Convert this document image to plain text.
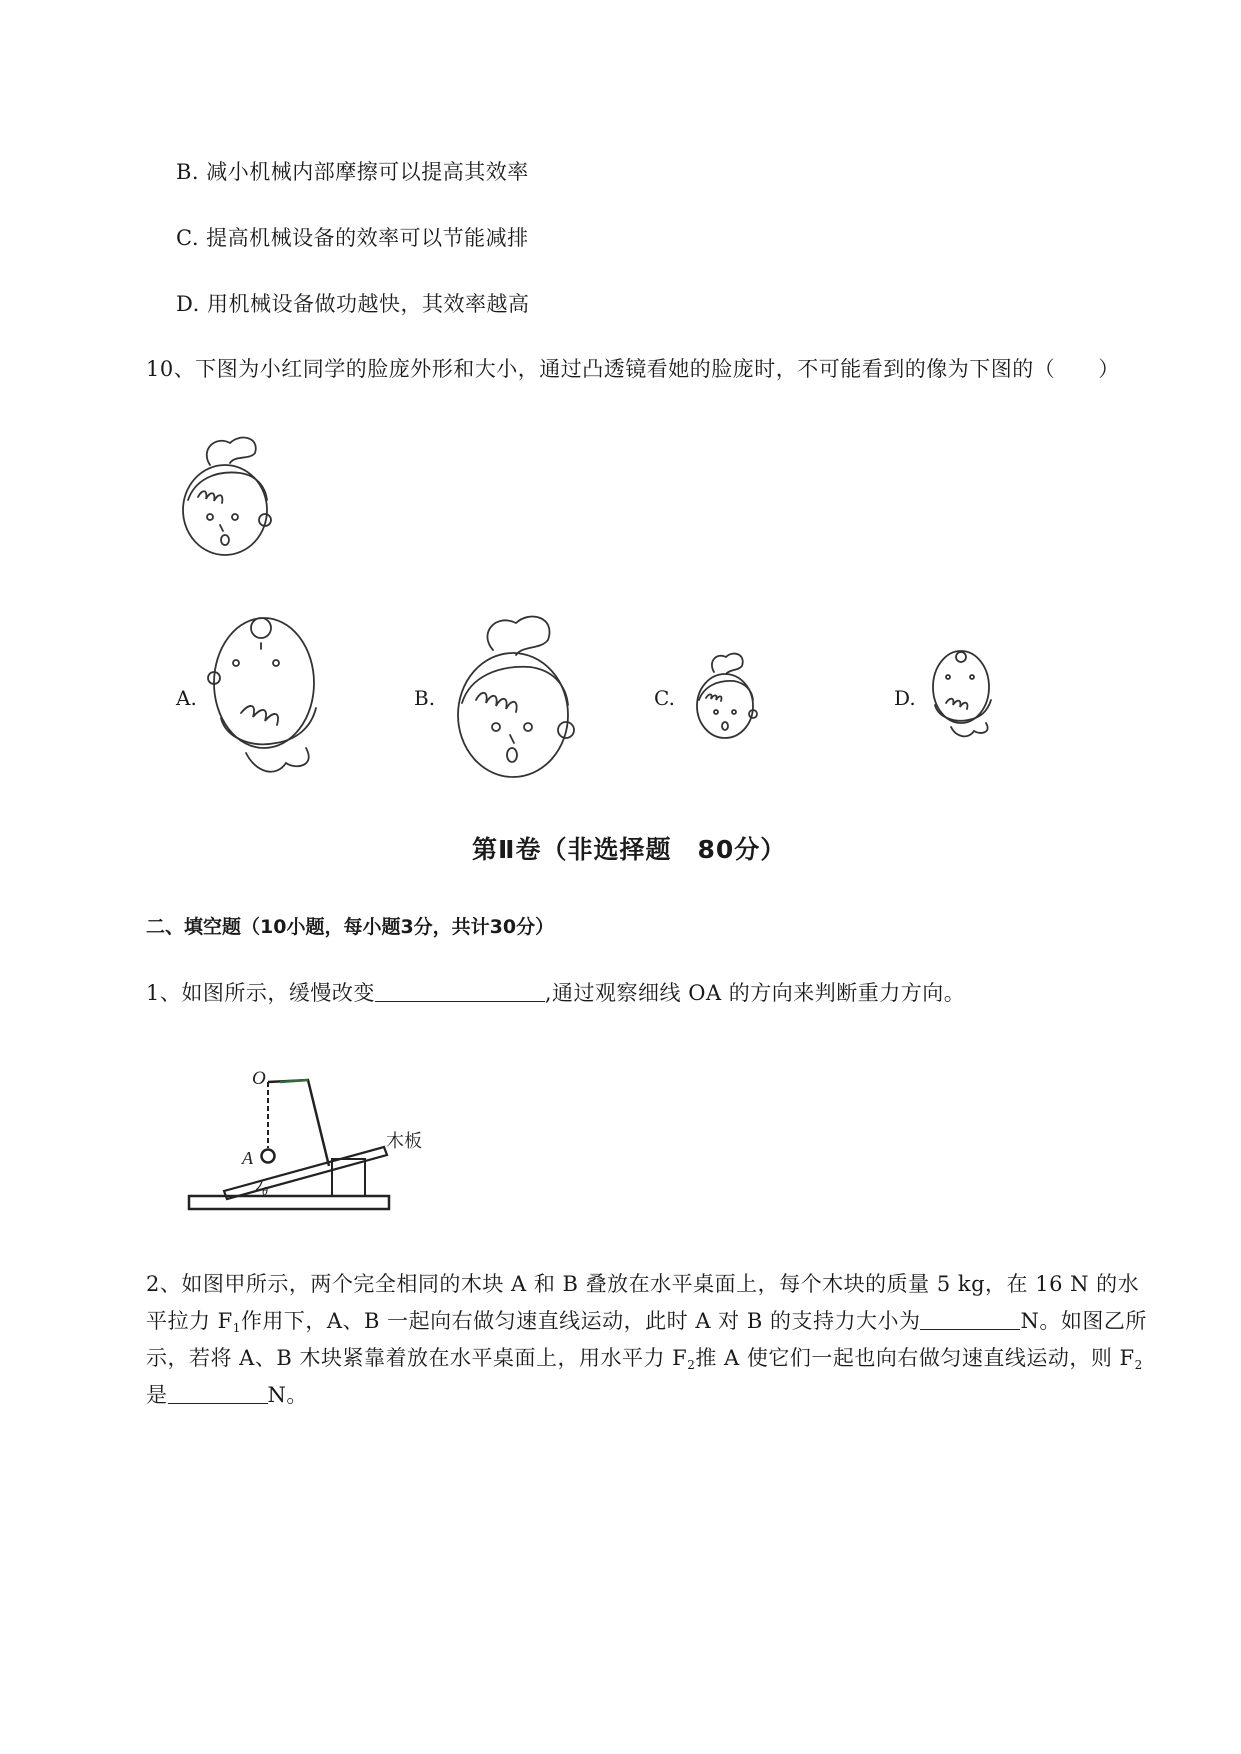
B. 减小机械内部摩擦可以提高其效率
C. 提高机械设备的效率可以节能减排
D. 用机械设备做功越快，其效率越高
10、下图为小红同学的脸庞外形和大小，通过凸透镜看她的脸庞时，不可能看到的像为下图的（　　）
A.	B.	C.	D.
第Ⅱ卷（非选择题　80分）
二、填空题（10小题，每小题3分，共计30分）
1、如图所示，缓慢改变	,通过观察细线 OA 的方向来判断重力方向。
O
A
θ
木板
2、如图甲所示，两个完全相同的木块 A 和 B 叠放在水平桌面上，每个木块的质量 5 kg，在 16 N 的水
平拉力 $F_1$作用下，A、B 一起向右做匀速直线运动，此时 A 对 B 的支持力大小为	N。如图乙所
示，若将 A、B 木块紧靠着放在水平桌面上，用水平力 $F_2$推 A 使它们一起也向右做匀速直线运动，则 $F_2$
是	N。
